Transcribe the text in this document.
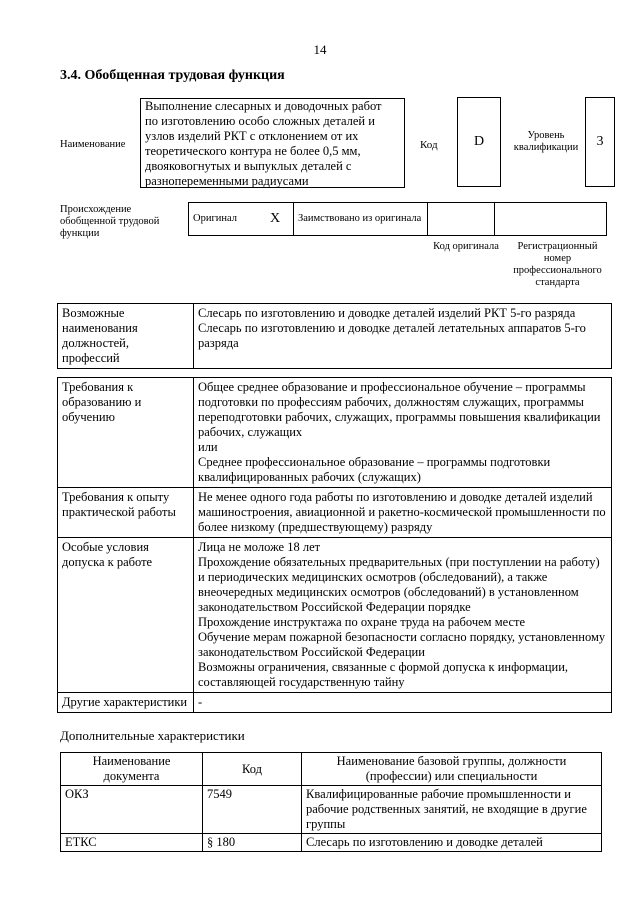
14
3.4. Обобщенная трудовая функция
Наименование
Выполнение слесарных и доводочных работ
по изготовлению особо сложных деталей и
узлов изделий РКТ с отклонением от их
теоретического контура не более 0,5 мм,
двояковогнутых и выпуклых деталей с
разнопеременными радиусами
Код	D	Уровень квалификации	3
Происхождение обобщенной трудовой функции
Оригинал	X	Заимствовано из оригинала		
Код оригинала	Регистрационный номер профессионального стандарта
Возможные наименования должностей, профессий	
Слесарь по изготовлению и доводке деталей изделий РКТ 5-го разряда
Слесарь по изготовлению и доводке деталей летательных аппаратов 5-го разряда
Требования к образованию и обучению	Общее среднее образование и профессиональное обучение – программы подготовки по профессиям рабочих, должностям служащих, программы переподготовки рабочих, служащих, программы повышения квалификации рабочих, служащих
или
Среднее профессиональное образование – программы подготовки квалифицированных рабочих (служащих)

Требования к опыту практической работы	Не менее одного года работы по изготовлению и доводке деталей изделий машиностроения, авиационной и ракетно-космической промышленности по более низкому (предшествующему) разряду

Особые условия допуска к работе	Лица не моложе 18 лет
Прохождение обязательных предварительных (при поступлении на работу) и периодических медицинских осмотров (обследований), а также внеочередных медицинских осмотров (обследований) в установленном законодательством Российской Федерации порядке
Прохождение инструктажа по охране труда на рабочем месте
Обучение мерам пожарной безопасности согласно порядку, установленному законодательством Российской Федерации
Возможны ограничения, связанные с формой допуска к информации, составляющей государственную тайну

Другие характеристики	-
Дополнительные характеристики
Наименование документа	Код	Наименование базовой группы, должности (профессии) или специальности
ОКЗ	7549	Квалифицированные рабочие промышленности и рабочие родственных занятий, не входящие в другие группы
ЕТКС	§ 180	Слесарь по изготовлению и доводке деталей
